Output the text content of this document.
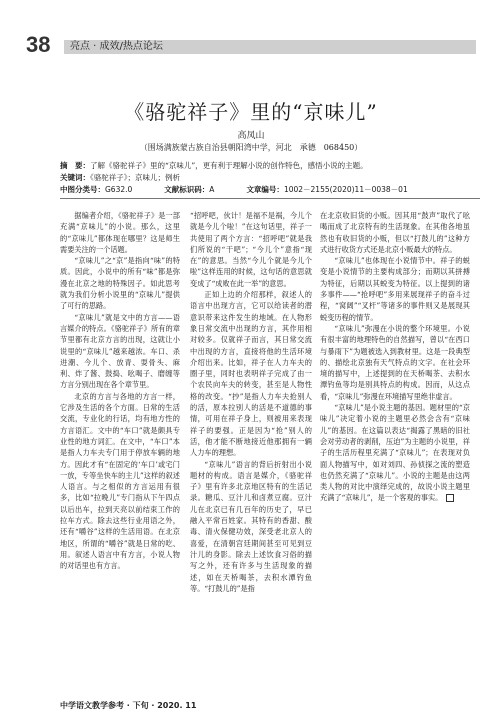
38 亮点 · 成效/热点论坛
《骆驼祥子》里的“京味儿”
高凤山
（围场满族蒙古族自治县朝阳湾中学，河北　承德　068450）
摘　要：了解《骆驼祥子》里的“京味儿”，更有利于理解小说的创作特色，感悟小说的主题。
关键词：《骆驼祥子》；京味儿；例析
中图分类号：G632.0	文献标识码：A	文章编号：1002－2155(2020)11－0038－01

据编者介绍，《骆驼祥子》是一部充满“京味儿”的小说。那么，这里的“京味儿”都体现在哪里？这是师生需要关注的一个话题。

“京味儿”之“京”是指向“味”的特质。因此，小说中的所有“味”都是弥漫在北京之地的特殊因子。如此思考就为我们分析小说里的“京味儿”提供了可行的思路。

“京味儿”就是文中的方言——语言媒介的特点。《骆驼祥子》所有的章节里都有北京方言的出现，这就让小说里的“京味儿”越来越浓。车口、杀进潮、今儿个、放青、耍骨头、麻利、炸了酱、鼓捣、吆喝子、磨缠等方言分别出现在各个章节里。

北京的方言与各地的方言一样，它涉及生活的各个方面。日常的生活交流，专业化的行话，均有地方性的方言语汇。文中的“车口”就是颇具专业性的地方词汇。在文中，“车口”本是指人力车夫专门用于停放车辆的地方。因此才有“在固定的‘车口’或宅门一放，专等坐快车的主儿”这样的叙述人语言。与之相似的方言运用有很多，比如“拉晚儿”专门指从下午四点以后出车，拉到天亮以前结束工作的拉车方式。除去这些行业用语之外，还有“嚼谷”这样的生活用语。在北京地区，所谓的“嚼谷”就是日常的吃、用。叙述人语言中有方言，小说人物的对话里也有方言。

“招呼吧，伙计！是福不是祸，今儿个就是今儿个啦！”在这句话里，祥子一共使用了两个方言：“招呼吧”就是我们所说的“干吧”；“今儿个”意指“现在”的意思。当然“今儿个就是今儿个啦”这样连用的时候，这句话的意思就变成了“成败在此一举”的意思。

正如上边的介绍那样，叙述人的语言中出现方言，它可以给读者的潜意识带来这件发生的地域。在人物形象日常交流中出现的方言，其作用相对较多。仅就祥子而言，其日常交流中出现的方言，直接将他的生活环境介绍出来。比如，祥子在人力车夫的圈子里，同时也表明祥子完成了由一个农民向车夫的转变，甚至是人物性格的改变。“抄”是指人力车夫抢别人的活，原本拉别人的活是不道德的事情，可用在祥子身上，则被用来表现祥子的要强。正是因为“抢”别人的活，他才能不断地接近他那拥有一辆人力车的理想。

“京味儿”语言的背后折射出小说题材的构成。语言是媒介，《骆驼祥子》里有许多北京地区特有的生活记录。糖瓜、豆汁儿和卤煮豆腐。豆汁儿在北京已有几百年的历史了，早已融入平常百姓家。其特有的香甜、酸毒、清火保健功效，深受老北京人的喜爱，在清朝宫廷期间甚至可见到豆汁儿的身影。除去上述饮食习俗的描写之外，还有许多与生活现象的描述，如在天桥喝茶，去积水潭钓鱼等。“打鼓儿的”是指

在北京收旧货的小贩。因其用“鼓声”取代了吆喝而成了北京特有的生活现象。在其他各地虽然也有收旧货的小贩，但以“打鼓儿的”这种方式进行收货方式还是北京小贩最大的特点。

“京味儿”也体现在小说情节中。祥子的蜕变是小说情节的主要构成部分；而期以其拼搏为特征，后期以其蜕变为特征。以上提到的诸多事件——“抢呼吧”多用来展现祥子的奋斗过程，“窝阔”“叉杆”等诸多的事件则又是展现其蜕变历程的情节。

“京味儿”弥漫在小说的整个环境里。小说有很丰富的地理特色的自然描写，曾以“在西口与暴雨下”为题被选入到教材里。这是一段典型的、描绘北京独有天气特点的文字。在社会环境的描写中，上述提到的在天桥喝茶、去积水潭钓鱼等均是别具特点的构成。因而，从这点看，“京味儿”弥漫在环境描写里绝非虚言。

“京味儿”是小说主题的基因。题材里的“京味儿”决定着小说的主题里必然会含有“京味儿”的基因。在这篇以表达“揭露了黑暗的旧社会对劳动者的剥削，压迫”为主题的小说里，祥子的生活历程里充满了“京味儿”；在表现对负面人物描写中，如对刘四、孙侦探之流的塑造也仍然充满了“京味儿”。小说的主题是由这两类人物的对比中演绎完成的，故说小说主题里充满了“京味儿”，是一个客观的事实。

中学语文教学参考 · 下旬 · 2020. 11
